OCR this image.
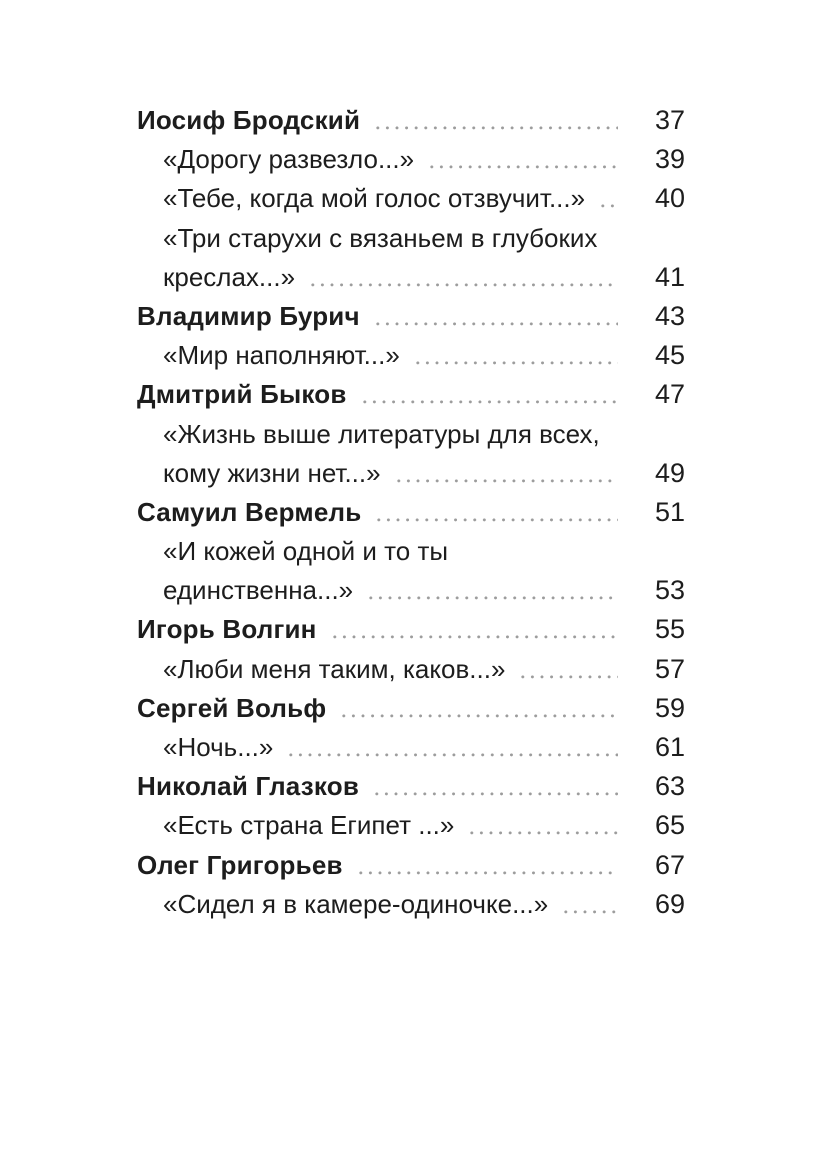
Иосиф Бродский	37
«Дорогу развезло...»	39
«Тебе, когда мой голос отзвучит...»	40
«Три старухи с вязаньем в глубоких
креслах...»	41
Владимир Бурич	43
«Мир наполняют...»	45
Дмитрий Быков	47
«Жизнь выше литературы для всех,
кому жизни нет...»	49
Самуил Вермель	51
«И кожей одной и то ты
единственна...»	53
Игорь Волгин	55
«Люби меня таким, каков...»	57
Сергей Вольф	59
«Ночь...»	61
Николай Глазков	63
«Есть страна Египет ...»	65
Олег Григорьев	67
«Сидел я в камере-одиночке...»	69
